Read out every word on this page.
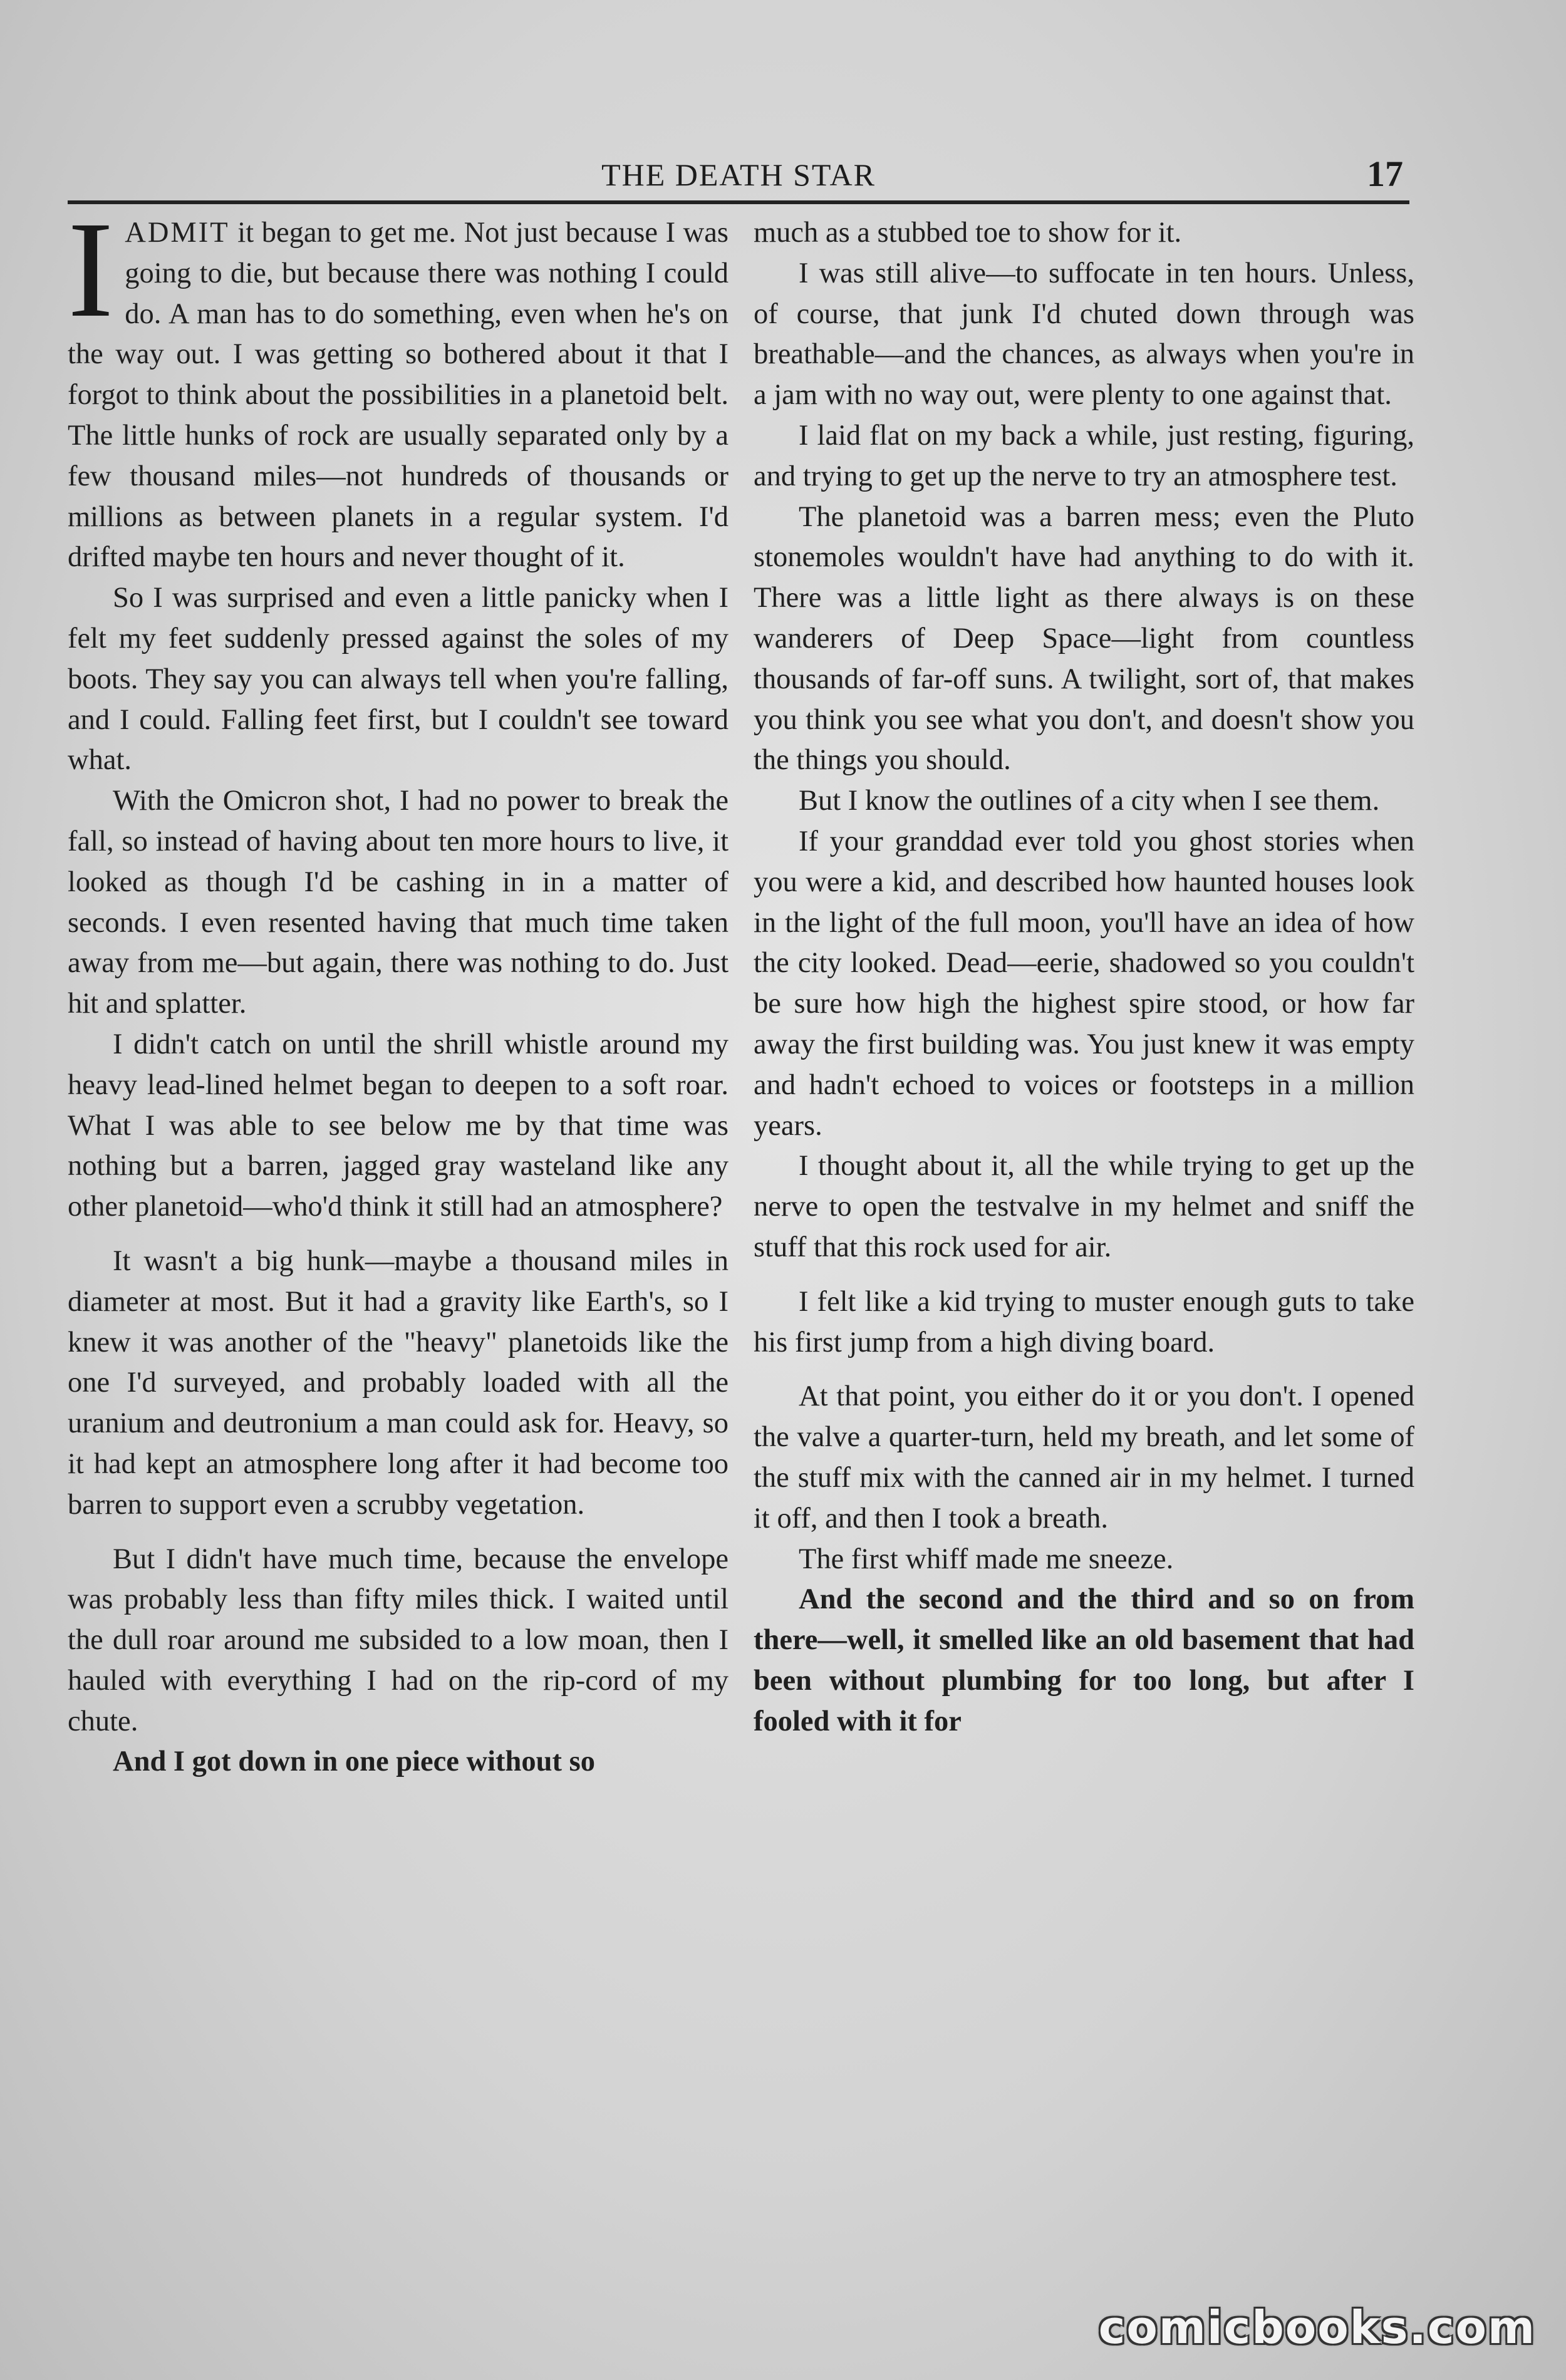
THE DEATH STAR	17

IADMIT it began to get me. Not just because I was going to die, but because there was nothing I could do. A man has to do something, even when he's on the way out. I was getting so bothered about it that I forgot to think about the possibilities in a planetoid belt. The little hunks of rock are usually separated only by a few thousand miles—not hundreds of thousands or millions as between planets in a regular system. I'd drifted maybe ten hours and never thought of it.

So I was surprised and even a little panicky when I felt my feet suddenly pressed against the soles of my boots. They say you can always tell when you're falling, and I could. Falling feet first, but I couldn't see toward what.

With the Omicron shot, I had no power to break the fall, so instead of having about ten more hours to live, it looked as though I'd be cashing in in a matter of seconds. I even resented having that much time taken away from me—but again, there was nothing to do. Just hit and splatter.

I didn't catch on until the shrill whistle around my heavy lead-lined helmet began to deepen to a soft roar. What I was able to see below me by that time was nothing but a barren, jagged gray wasteland like any other planetoid—who'd think it still had an atmosphere?

It wasn't a big hunk—maybe a thousand miles in diameter at most. But it had a gravity like Earth's, so I knew it was another of the "heavy" planetoids like the one I'd surveyed, and probably loaded with all the uranium and deutronium a man could ask for. Heavy, so it had kept an atmosphere long after it had become too barren to support even a scrubby vegetation.

But I didn't have much time, because the envelope was probably less than fifty miles thick. I waited until the dull roar around me subsided to a low moan, then I hauled with everything I had on the rip-cord of my chute.

And I got down in one piece without so

much as a stubbed toe to show for it.

I was still alive—to suffocate in ten hours. Unless, of course, that junk I'd chuted down through was breathable—and the chances, as always when you're in a jam with no way out, were plenty to one against that.

I laid flat on my back a while, just resting, figuring, and trying to get up the nerve to try an atmosphere test.

The planetoid was a barren mess; even the Pluto stonemoles wouldn't have had anything to do with it. There was a little light as there always is on these wanderers of Deep Space—light from countless thousands of far-off suns. A twilight, sort of, that makes you think you see what you don't, and doesn't show you the things you should.

But I know the outlines of a city when I see them.

If your granddad ever told you ghost stories when you were a kid, and described how haunted houses look in the light of the full moon, you'll have an idea of how the city looked. Dead—eerie, shadowed so you couldn't be sure how high the highest spire stood, or how far away the first building was. You just knew it was empty and hadn't echoed to voices or footsteps in a million years.

I thought about it, all the while trying to get up the nerve to open the testvalve in my helmet and sniff the stuff that this rock used for air.

I felt like a kid trying to muster enough guts to take his first jump from a high diving board.

At that point, you either do it or you don't. I opened the valve a quarter-turn, held my breath, and let some of the stuff mix with the canned air in my helmet. I turned it off, and then I took a breath.

The first whiff made me sneeze.

And the second and the third and so on from there—well, it smelled like an old basement that had been without plumbing for too long, but after I fooled with it for

comicbooks.com
